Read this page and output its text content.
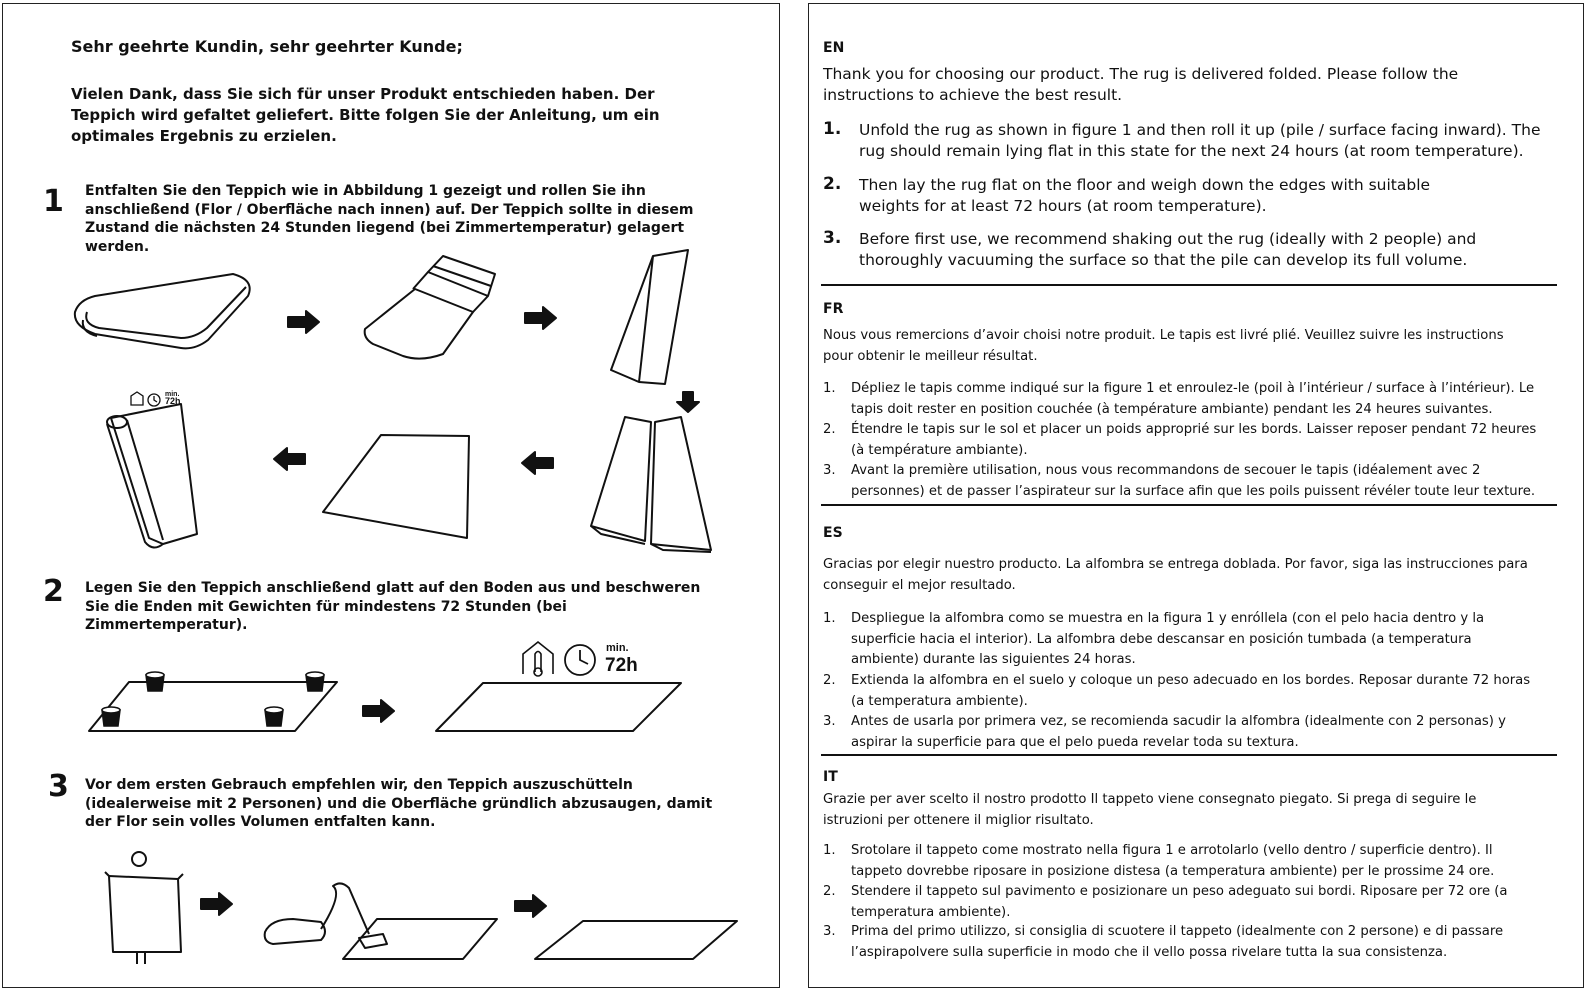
Sehr geehrte Kundin, sehr geehrter Kunde;
Vielen Dank, dass Sie sich für unser Produkt entschieden haben. Der Teppich wird gefaltet geliefert. Bitte folgen Sie der Anleitung, um ein optimales Ergebnis zu erzielen.
1 Entfalten Sie den Teppich wie in Abbildung 1 gezeigt und rollen Sie ihn anschließend (Flor / Oberfläche nach innen) auf. Der Teppich sollte in diesem Zustand die nächsten 24 Stunden liegend (bei Zimmertemperatur) gelagert werden.
min.
72h
2 Legen Sie den Teppich anschließend glatt auf den Boden aus und beschweren Sie die Enden mit Gewichten für mindestens 72 Stunden (bei Zimmertemperatur).
min.
72h
3 Vor dem ersten Gebrauch empfehlen wir, den Teppich auszuschütteln (idealerweise mit 2 Personen) und die Oberfläche gründlich abzusaugen, damit der Flor sein volles Volumen entfalten kann.
EN
Thank you for choosing our product. The rug is delivered folded. Please follow the instructions to achieve the best result.
1. Unfold the rug as shown in figure 1 and then roll it up (pile / surface facing inward). The rug should remain lying flat in this state for the next 24 hours (at room temperature).
2. Then lay the rug flat on the floor and weigh down the edges with suitable weights for at least 72 hours (at room temperature).
3. Before first use, we recommend shaking out the rug (ideally with 2 people) and thoroughly vacuuming the surface so that the pile can develop its full volume.
FR
Nous vous remercions d’avoir choisi notre produit. Le tapis est livré plié. Veuillez suivre les instructions pour obtenir le meilleur résultat.
1. Dépliez le tapis comme indiqué sur la figure 1 et enroulez-le (poil à l’intérieur / surface à l’intérieur). Le tapis doit rester en position couchée (à température ambiante) pendant les 24 heures suivantes.
2. Étendre le tapis sur le sol et placer un poids approprié sur les bords. Laisser reposer pendant 72 heures (à température ambiante).
3. Avant la première utilisation, nous vous recommandons de secouer le tapis (idéalement avec 2 personnes) et de passer l’aspirateur sur la surface afin que les poils puissent révéler toute leur texture.
ES
Gracias por elegir nuestro producto. La alfombra se entrega doblada. Por favor, siga las instrucciones para conseguir el mejor resultado.
1. Despliegue la alfombra como se muestra en la figura 1 y enróllela (con el pelo hacia dentro y la superficie hacia el interior). La alfombra debe descansar en posición tumbada (a temperatura ambiente) durante las siguientes 24 horas.
2. Extienda la alfombra en el suelo y coloque un peso adecuado en los bordes. Reposar durante 72 horas (a temperatura ambiente).
3. Antes de usarla por primera vez, se recomienda sacudir la alfombra (idealmente con 2 personas) y aspirar la superficie para que el pelo pueda revelar toda su textura.
IT
Grazie per aver scelto il nostro prodotto Il tappeto viene consegnato piegato. Si prega di seguire le istruzioni per ottenere il miglior risultato.
1. Srotolare il tappeto come mostrato nella figura 1 e arrotolarlo (vello dentro / superficie dentro). Il tappeto dovrebbe riposare in posizione distesa (a temperatura ambiente) per le prossime 24 ore.
2. Stendere il tappeto sul pavimento e posizionare un peso adeguato sui bordi. Riposare per 72 ore (a temperatura ambiente).
3. Prima del primo utilizzo, si consiglia di scuotere il tappeto (idealmente con 2 persone) e di passare l’aspirapolvere sulla superficie in modo che il vello possa rivelare tutta la sua consistenza.
